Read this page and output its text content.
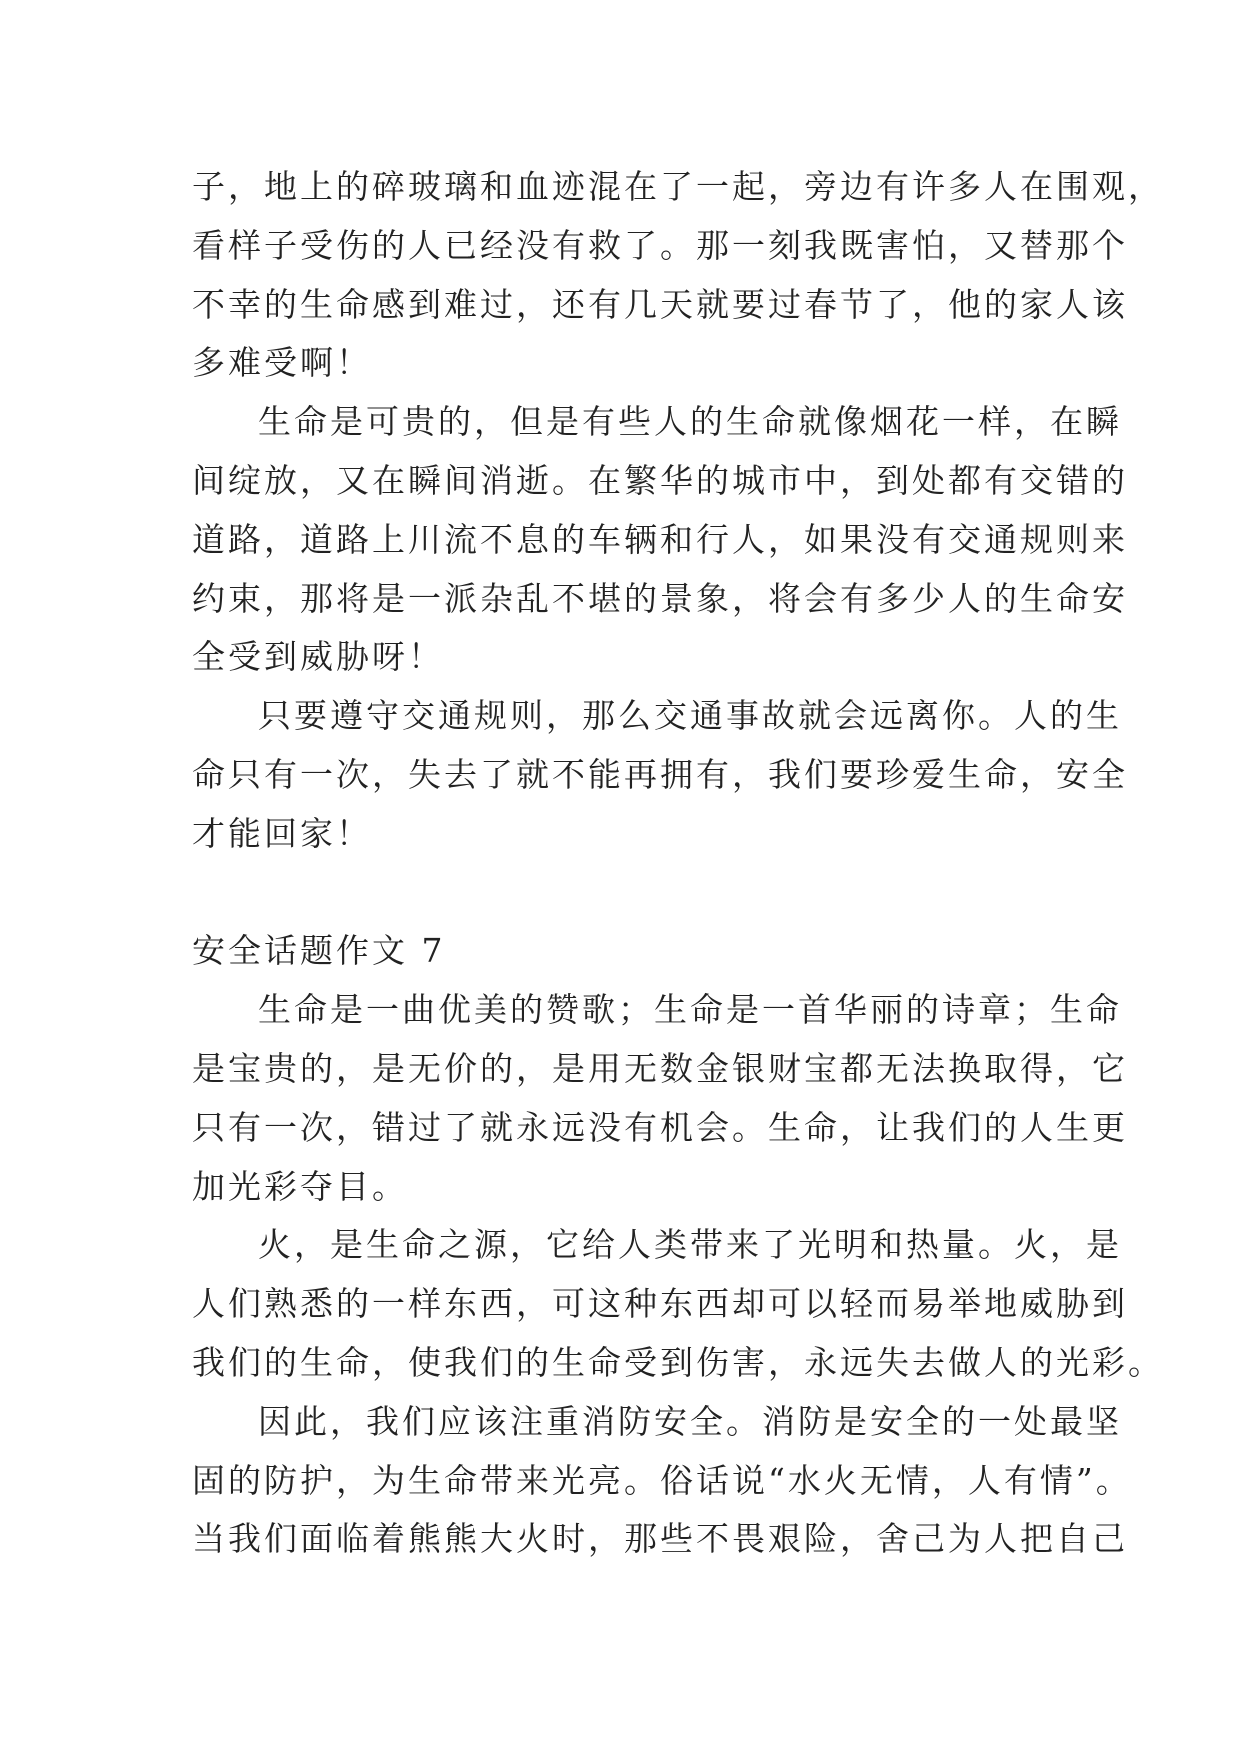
子，地上的碎玻璃和血迹混在了一起，旁边有许多人在围观，
看样子受伤的人已经没有救了。那一刻我既害怕，又替那个
不幸的生命感到难过，还有几天就要过春节了，他的家人该
多难受啊！
生命是可贵的，但是有些人的生命就像烟花一样，在瞬
间绽放，又在瞬间消逝。在繁华的城市中，到处都有交错的
道路，道路上川流不息的车辆和行人，如果没有交通规则来
约束，那将是一派杂乱不堪的景象，将会有多少人的生命安
全受到威胁呀！
只要遵守交通规则，那么交通事故就会远离你。人的生
命只有一次，失去了就不能再拥有，我们要珍爱生命，安全
才能回家！
安全话题作文 7
生命是一曲优美的赞歌；生命是一首华丽的诗章；生命
是宝贵的，是无价的，是用无数金银财宝都无法换取得，它
只有一次，错过了就永远没有机会。生命，让我们的人生更
加光彩夺目。
火，是生命之源，它给人类带来了光明和热量。火，是
人们熟悉的一样东西，可这种东西却可以轻而易举地威胁到
我们的生命，使我们的生命受到伤害，永远失去做人的光彩。
因此，我们应该注重消防安全。消防是安全的一处最坚
固的防护，为生命带来光亮。俗话说“水火无情，人有情”。
当我们面临着熊熊大火时，那些不畏艰险，舍己为人把自己
